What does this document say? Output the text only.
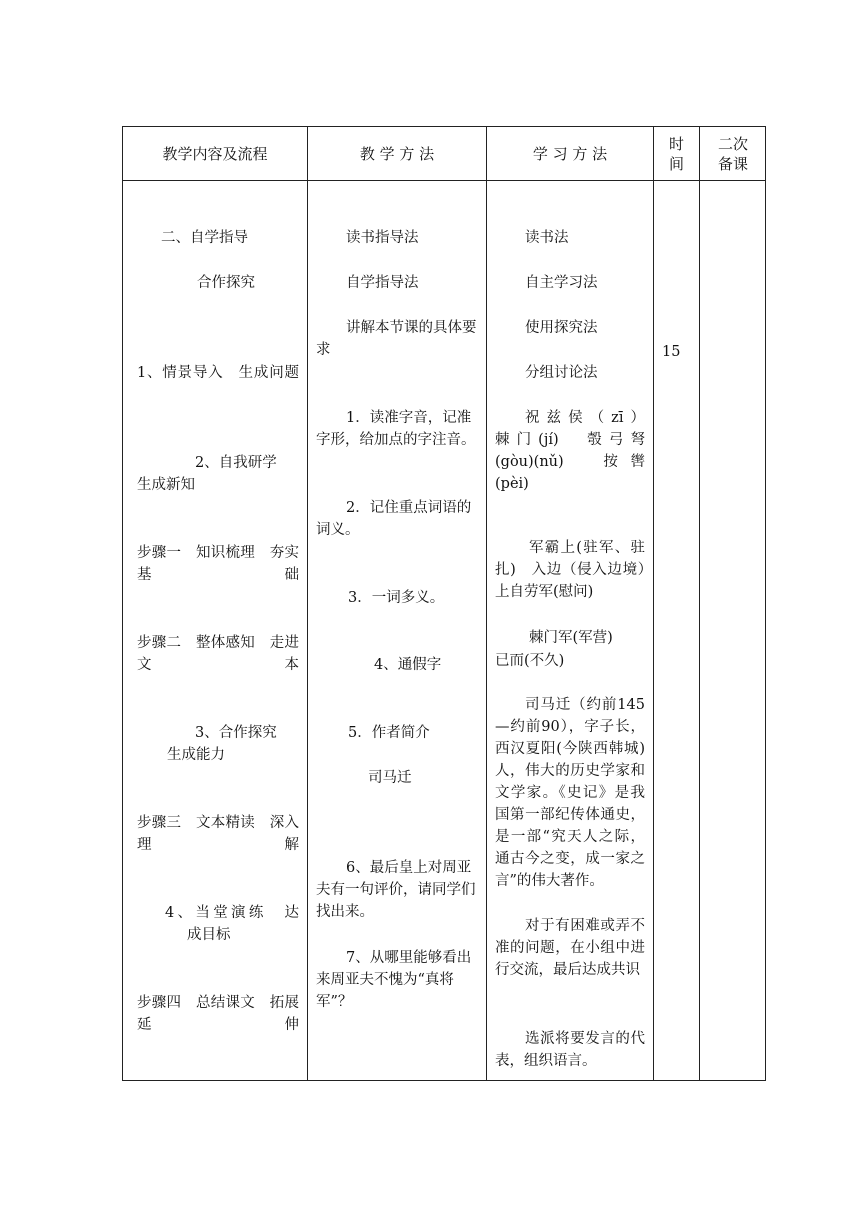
教学内容及流程	教 学 方 法	学 习 方 法
时
间
二次
备课

二、自学指导

合作探究

1、情景导入　生成问题

2、自我研学

生成新知

步骤一　知识梳理　夯实基础

步骤二　整体感知　走进文本

3、合作探究

生成能力

步骤三　文本精读　深入理解

4、当堂演练　达

成目标

步骤四　总结课文　拓展延伸

读书指导法

自学指导法

讲解本节课的具体要求

1．读准字音，记准字形，给加点的字注音。

2．记住重点词语的词义。

3．一词多义。

4、通假字

5．作者简介

司马迁

6、最后皇上对周亚夫有一句评价，请同学们找出来。

7、从哪里能够看出来周亚夫不愧为“真将军”？

读书法

自主学习法

使用探究法

分组讨论法

祝兹侯（zī）

棘门(jí)　彀弓弩

(gòu)(nǔ)　按辔

(pèi)

军霸上(驻军、驻扎)　入边（侵入边境）上自劳军(慰问)

棘门军(军营)

已而(不久)

司马迁（约前145—约前90），字子长，西汉夏阳(今陕西韩城)人，伟大的历史学家和文学家。《史记》是我国第一部纪传体通史，是一部“究天人之际，通古今之变，成一家之言”的伟大著作。

对于有困难或弄不准的问题，在小组中进行交流，最后达成共识

选派将要发言的代表，组织语言。

15
